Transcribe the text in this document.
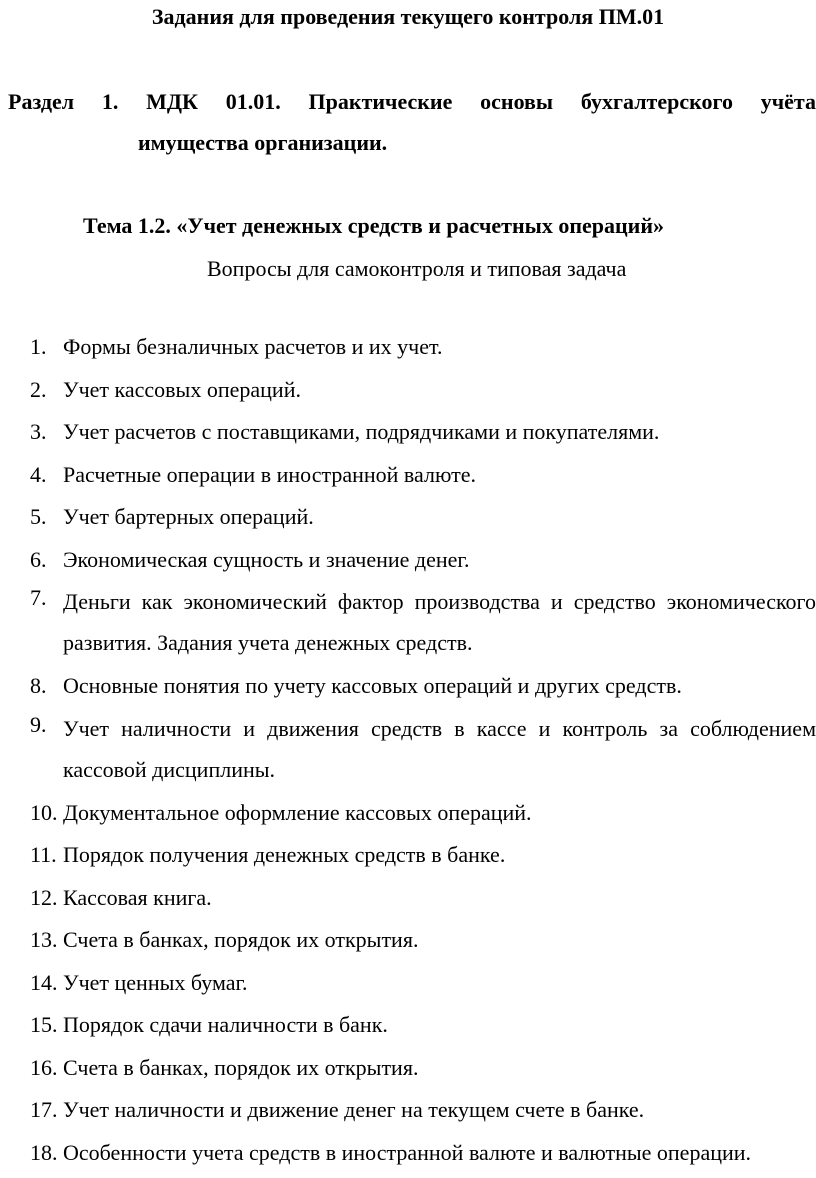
Задания для проведения текущего контроля ПМ.01
Раздел 1. МДК 01.01. Практические основы бухгалтерского учёта
имущества организации.
Тема 1.2. «Учет денежных средств и расчетных операций»
Вопросы для самоконтроля и типовая задача
1. Формы безналичных расчетов и их учет.
2. Учет кассовых операций.
3. Учет расчетов с поставщиками, подрядчиками и покупателями.
4. Расчетные операции в иностранной валюте.
5. Учет бартерных операций.
6. Экономическая сущность и значение денег.
7. Деньги как экономический фактор производства и средство экономического развития. Задания учета денежных средств.
8. Основные понятия по учету кассовых операций и других средств.
9. Учет наличности и движения средств в кассе и контроль за соблюдением кассовой дисциплины.
10. Документальное оформление кассовых операций.
11. Порядок получения денежных средств в банке.
12. Кассовая книга.
13. Счета в банках, порядок их открытия.
14. Учет ценных бумаг.
15. Порядок сдачи наличности в банк.
16. Счета в банках, порядок их открытия.
17. Учет наличности и движение денег на текущем счете в банке.
18. Особенности учета средств в иностранной валюте и валютные операции.
